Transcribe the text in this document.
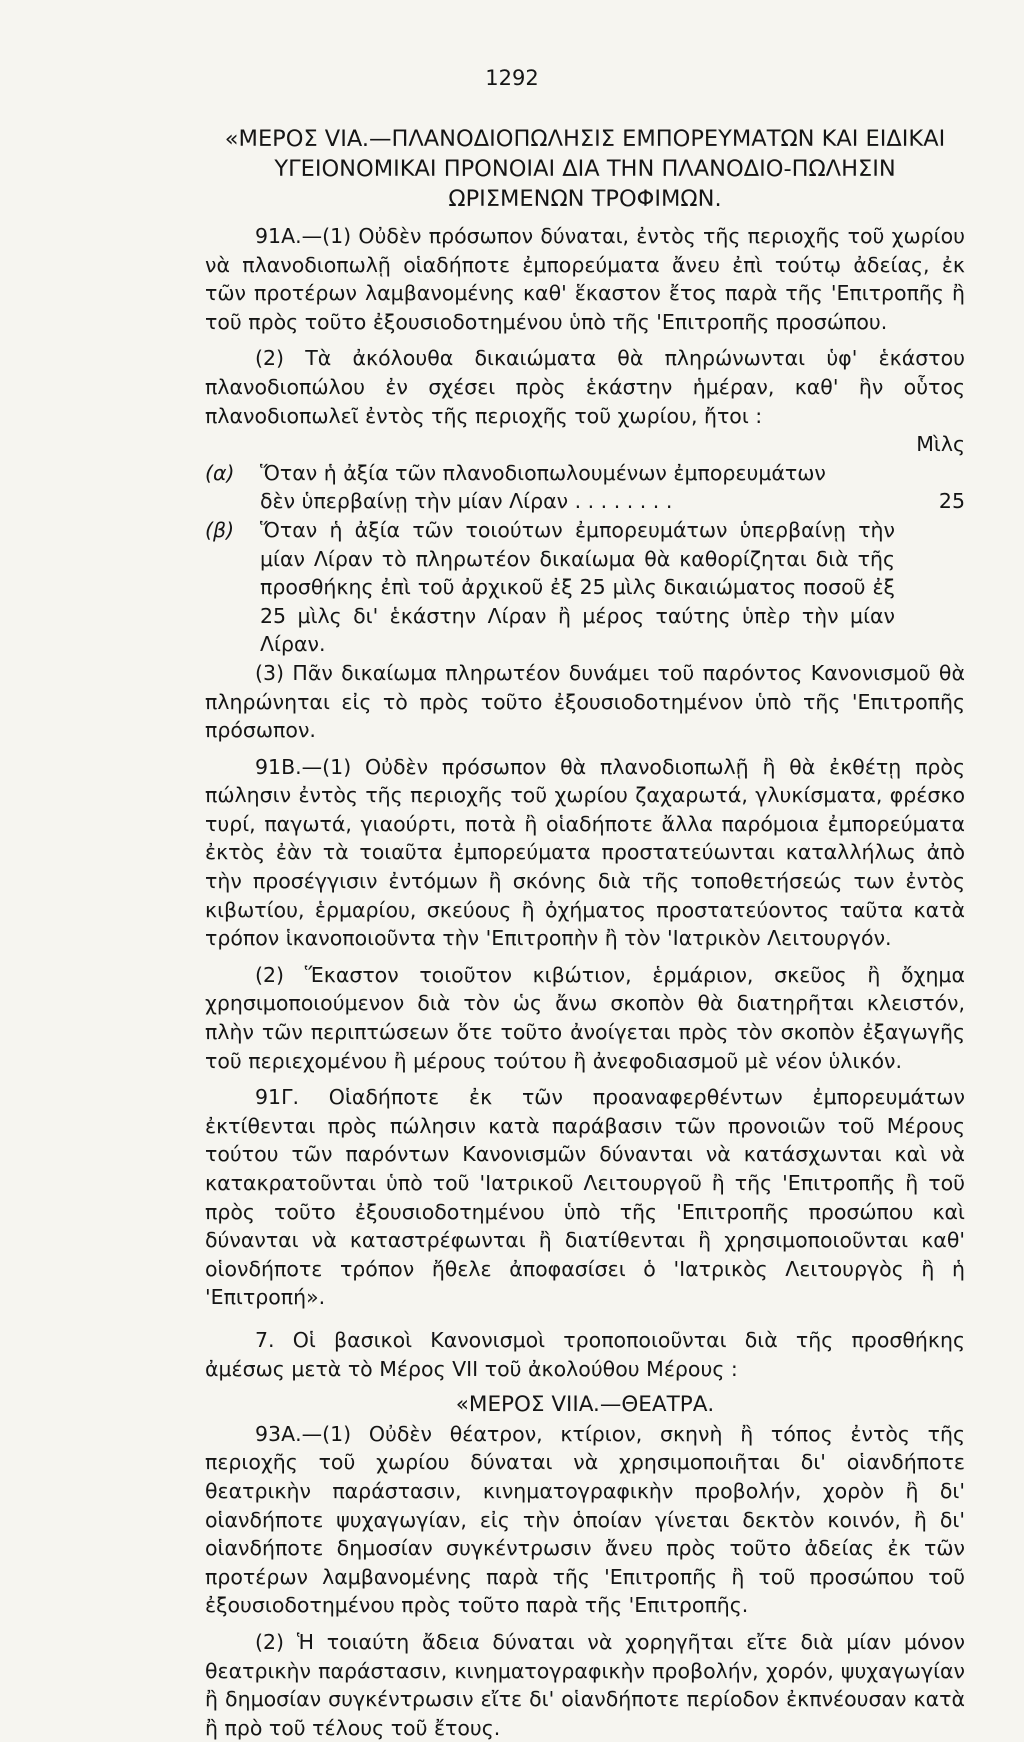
1292
«ΜΕΡΟΣ VIA.—ΠΛΑΝΟΔΙΟΠΩΛΗΣΙΣ ΕΜΠΟΡΕΥΜΑΤΩΝ ΚΑΙ ΕΙΔΙΚΑΙ ΥΓΕΙΟΝΟΜΙΚΑΙ ΠΡΟΝΟΙΑΙ ΔΙΑ ΤΗΝ ΠΛΑΝΟΔΙΟ-ΠΩΛΗΣΙΝ ΩΡΙΣΜΕΝΩΝ ΤΡΟΦΙΜΩΝ.

91Α.—(1) Οὐδὲν πρόσωπον δύναται, ἐντὸς τῆς περιοχῆς τοῦ χωρίου νὰ πλανοδιοπωλῇ οἱαδήποτε ἐμπορεύματα ἄνευ ἐπὶ τούτῳ ἀδείας, ἐκ τῶν προτέρων λαμβανομένης καθ' ἕκαστον ἔτος παρὰ τῆς 'Επιτροπῆς ἢ τοῦ πρὸς τοῦτο ἐξουσιοδοτημένου ὑπὸ τῆς 'Επιτροπῆς προσώπου.

(2) Τὰ ἀκόλουθα δικαιώματα θὰ πληρώνωνται ὑφ' ἑκάστου πλανοδιοπώλου ἐν σχέσει πρὸς ἑκάστην ἡμέραν, καθ' ἣν οὗτος πλανοδιοπωλεῖ ἐντὸς τῆς περιοχῆς τοῦ χωρίου, ἤτοι :

Μὶλς
(α) Ὅταν ἡ ἀξία τῶν πλανοδιοπωλουμένων ἐμπορευμάτων
δὲν ὑπερβαίνῃ τὴν μίαν Λίραν . . . . . . . .	25
(β) Ὅταν ἡ ἀξία τῶν τοιούτων ἐμπορευμάτων ὑπερβαίνῃ τὴν μίαν Λίραν τὸ πληρωτέον δικαίωμα θὰ καθορίζηται διὰ τῆς προσθήκης ἐπὶ τοῦ ἀρχικοῦ ἐξ 25 μὶλς δικαιώματος ποσοῦ ἐξ 25 μὶλς δι' ἑκάστην Λίραν ἢ μέρος ταύτης ὑπὲρ τὴν μίαν Λίραν.

(3) Πᾶν δικαίωμα πληρωτέον δυνάμει τοῦ παρόντος Κανονισμοῦ θὰ πληρώνηται εἰς τὸ πρὸς τοῦτο ἐξουσιοδοτημένον ὑπὸ τῆς 'Επιτροπῆς πρόσωπον.

91Β.—(1) Οὐδὲν πρόσωπον θὰ πλανοδιοπωλῇ ἢ θὰ ἐκθέτῃ πρὸς πώλησιν ἐντὸς τῆς περιοχῆς τοῦ χωρίου ζαχαρωτά, γλυκίσματα, φρέσκο τυρί, παγωτά, γιαούρτι, ποτὰ ἢ οἱαδήποτε ἄλλα παρόμοια ἐμπορεύματα ἐκτὸς ἐὰν τὰ τοιαῦτα ἐμπορεύματα προστατεύωνται καταλλήλως ἀπὸ τὴν προσέγγισιν ἐντόμων ἢ σκόνης διὰ τῆς τοποθετήσεώς των ἐντὸς κιβωτίου, ἑρμαρίου, σκεύους ἢ ὀχήματος προστατεύοντος ταῦτα κατὰ τρόπον ἱκανοποιοῦντα τὴν 'Επιτροπὴν ἢ τὸν 'Ιατρικὸν Λειτουργόν.

(2) Ἕκαστον τοιοῦτον κιβώτιον, ἑρμάριον, σκεῦος ἢ ὄχημα χρησιμοποιούμενον διὰ τὸν ὡς ἄνω σκοπὸν θὰ διατηρῆται κλειστόν, πλὴν τῶν περιπτώσεων ὅτε τοῦτο ἀνοίγεται πρὸς τὸν σκοπὸν ἐξαγωγῆς τοῦ περιεχομένου ἢ μέρους τούτου ἢ ἀνεφοδιασμοῦ μὲ νέον ὑλικόν.

91Γ. Οἱαδήποτε ἐκ τῶν προαναφερθέντων ἐμπορευμάτων ἐκτίθενται πρὸς πώλησιν κατὰ παράβασιν τῶν προνοιῶν τοῦ Μέρους τούτου τῶν παρόντων Κανονισμῶν δύνανται νὰ κατάσχωνται καὶ νὰ κατακρατοῦνται ὑπὸ τοῦ 'Ιατρικοῦ Λειτουργοῦ ἢ τῆς 'Επιτροπῆς ἢ τοῦ πρὸς τοῦτο ἐξουσιοδοτημένου ὑπὸ τῆς 'Επιτροπῆς προσώπου καὶ δύνανται νὰ καταστρέφωνται ἢ διατίθενται ἢ χρησιμοποιοῦνται καθ' οἱονδήποτε τρόπον ἤθελε ἀποφασίσει ὁ 'Ιατρικὸς Λειτουργὸς ἢ ἡ 'Επιτροπή».

7. Οἱ βασικοὶ Κανονισμοὶ τροποποιοῦνται διὰ τῆς προσθήκης ἀμέσως μετὰ τὸ Μέρος VII τοῦ ἀκολούθου Μέρους :

«ΜΕΡΟΣ VIIA.—ΘΕΑΤΡΑ.

93Α.—(1) Οὐδὲν θέατρον, κτίριον, σκηνὴ ἢ τόπος ἐντὸς τῆς περιοχῆς τοῦ χωρίου δύναται νὰ χρησιμοποιῆται δι' οἱανδήποτε θεατρικὴν παράστασιν, κινηματογραφικὴν προβολήν, χορὸν ἢ δι' οἱανδήποτε ψυχαγωγίαν, εἰς τὴν ὁποίαν γίνεται δεκτὸν κοινόν, ἢ δι' οἱανδήποτε δημοσίαν συγκέντρωσιν ἄνευ πρὸς τοῦτο ἀδείας ἐκ τῶν προτέρων λαμβανομένης παρὰ τῆς 'Επιτροπῆς ἢ τοῦ προσώπου τοῦ ἐξουσιοδοτημένου πρὸς τοῦτο παρὰ τῆς 'Επιτροπῆς.

(2) Ἡ τοιαύτη ἄδεια δύναται νὰ χορηγῆται εἴτε διὰ μίαν μόνον θεατρικὴν παράστασιν, κινηματογραφικὴν προβολήν, χορόν, ψυχαγωγίαν ἢ δημοσίαν συγκέντρωσιν εἴτε δι' οἱανδήποτε περίοδον ἐκπνέουσαν κατὰ ἢ πρὸ τοῦ τέλους τοῦ ἔτους.
